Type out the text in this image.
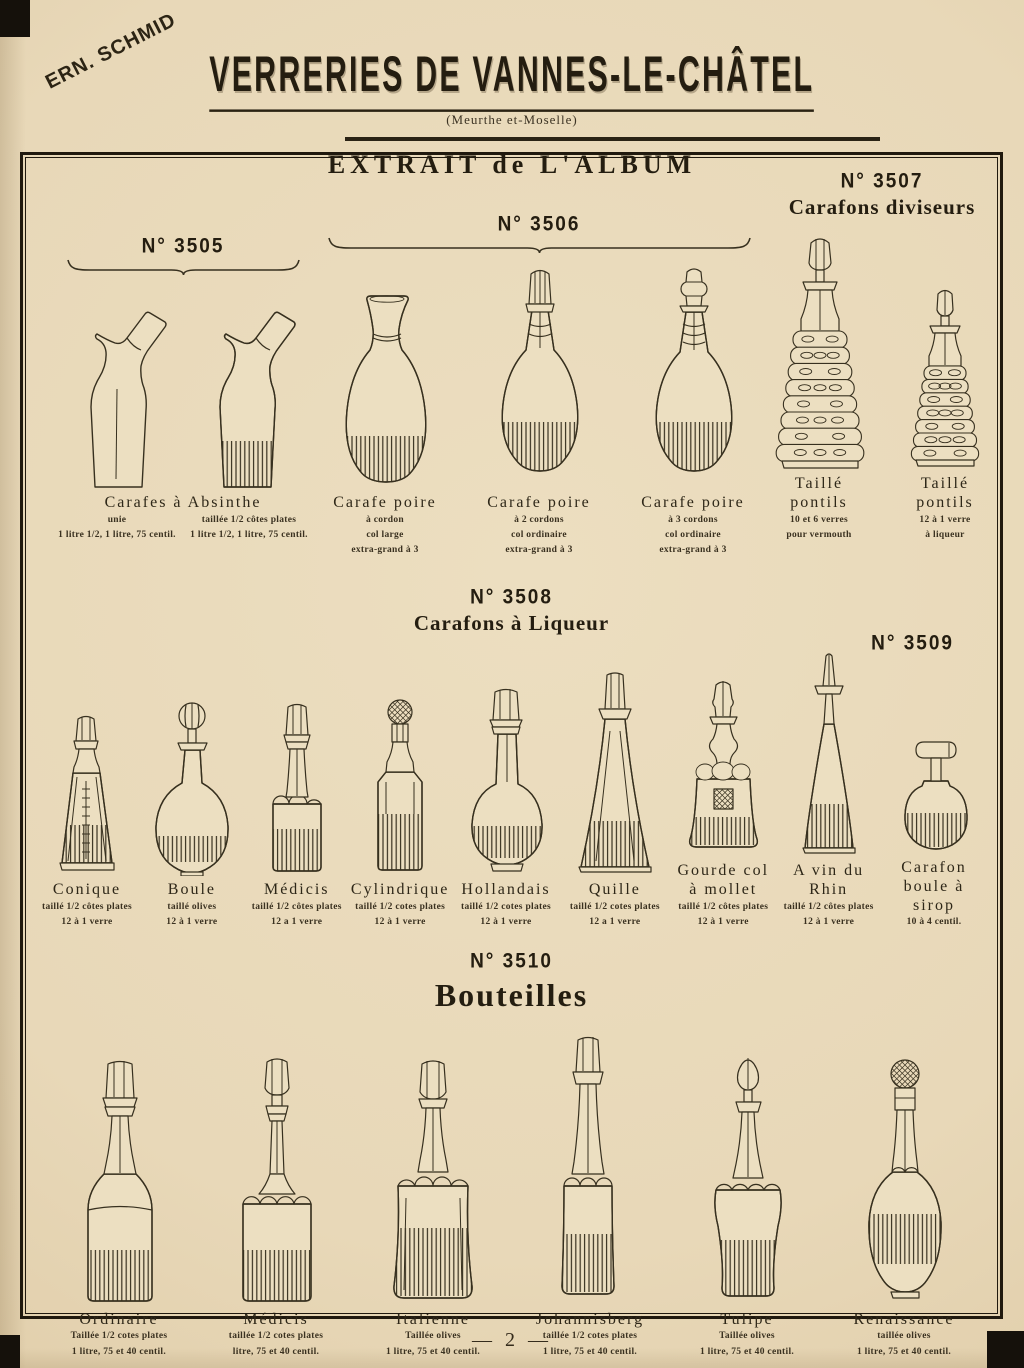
ERN. SCHMID VERRERIES DE VANNES-LE-CHÂTEL
(Meurthe et-Moselle)
EXTRAIT de L'ALBUM
N° 3505
Carafes à Absinthe
unie
1 litre 1/2, 1 litre, 75 centil.
taillée 1/2 côtes plates
1 litre 1/2, 1 litre, 75 centil.
N° 3506
Carafe poire
à cordon
col large
extra-grand à 3
Carafe poire
à 2 cordons
col ordinaire
extra-grand à 3
Carafe poire
à 3 cordons
col ordinaire
extra-grand à 3
N° 3507
Carafons diviseurs
Taillé pontils
10 et 6 verres
pour vermouth
Taillé pontils
12 à 1 verre
à liqueur
N° 3508
Carafons à Liqueur
N° 3509
Conique
taillé 1/2 côtes plates
12 à 1 verre
Boule
taillé olives
12 à 1 verre
Médicis
taillé 1/2 côtes plates
12 a 1 verre
Cylindrique
taillé 1/2 cotes plates
12 à 1 verre
Hollandais
taillé 1/2 cotes plates
12 à 1 verre
Quille
taillé 1/2 cotes plates
12 a 1 verre
Gourde col à mollet
taillé 1/2 côtes plates
12 à 1 verre
A vin du Rhin
taillé 1/2 côtes plates
12 à 1 verre
Carafon boule à sirop
10 à 4 centil.
N° 3510
Bouteilles
Ordinaire
Taillée 1/2 cotes plates
1 litre, 75 et 40 centil.
Médicis
taillée 1/2 cotes plates
litre, 75 et 40 centil.
Italienne
Taillée olives
1 litre, 75 et 40 centil.
Johannisberg
taillée 1/2 cotes plates
1 litre, 75 et 40 centil.
Tulipe
Taillée olives
1 litre, 75 et 40 centil.
Renaissance
taillée olives
1 litre, 75 et 40 centil.
— 2 —
